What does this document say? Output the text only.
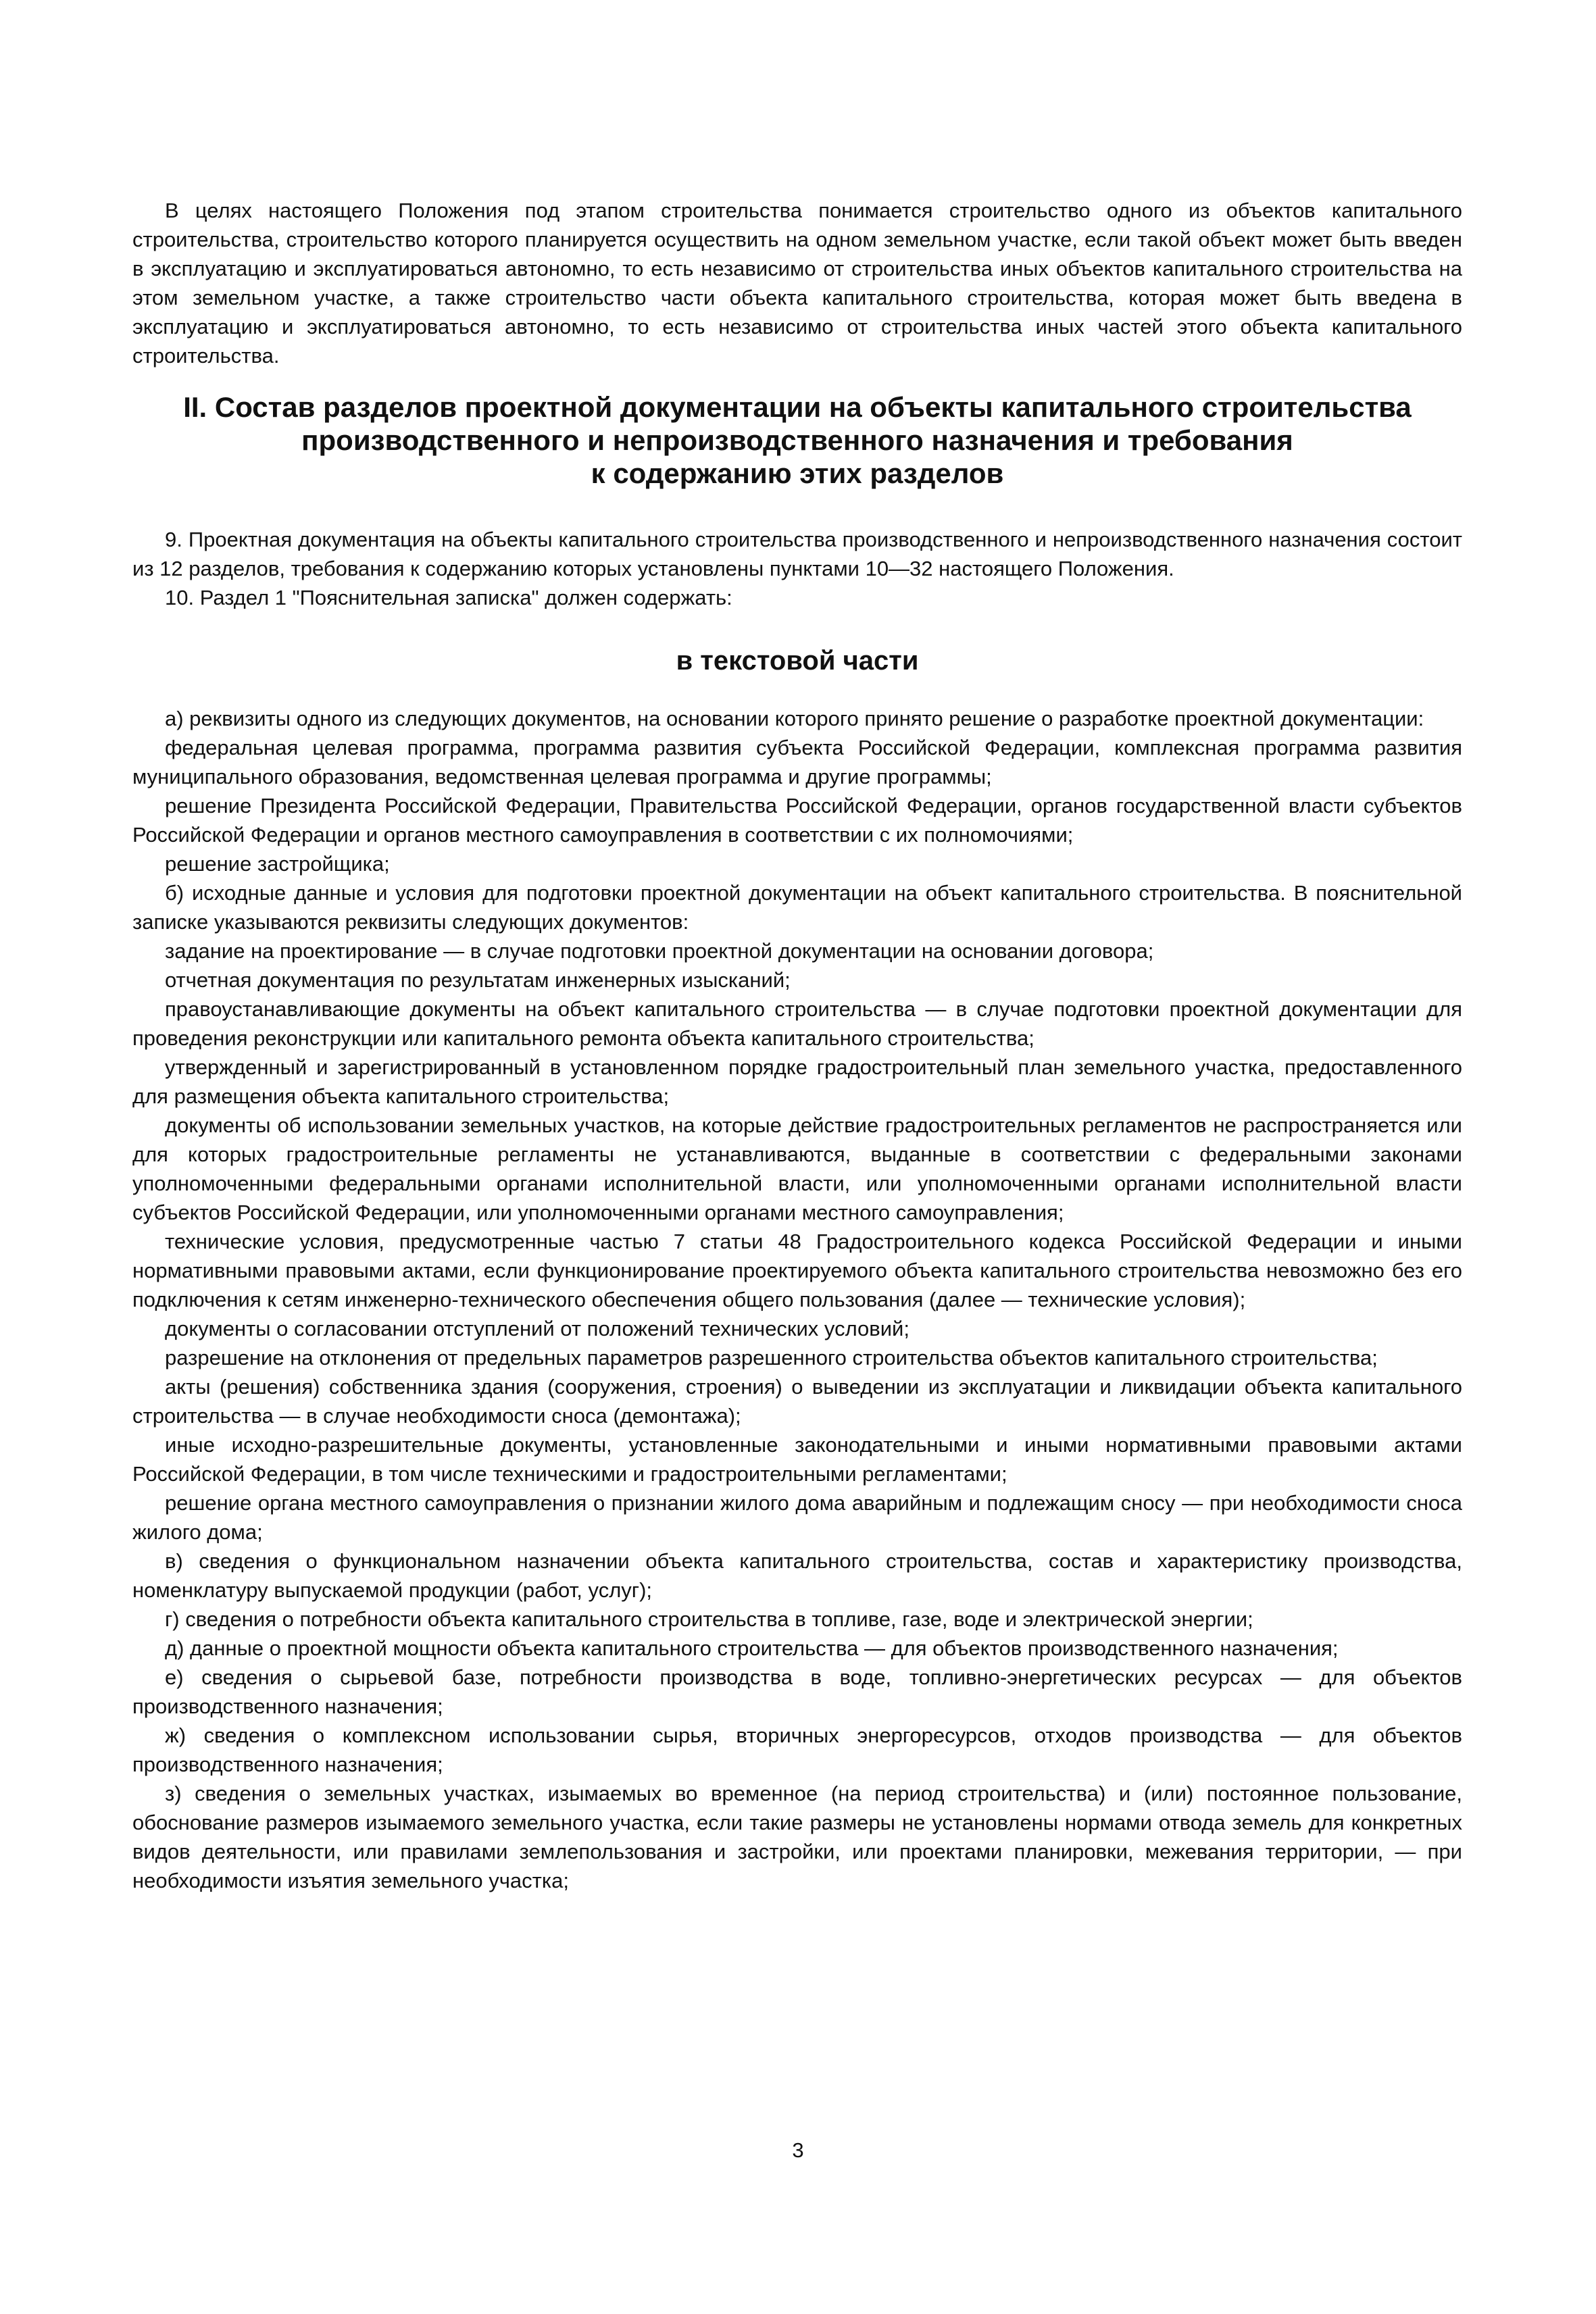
В целях настоящего Положения под этапом строительства понимается строительство одного из объектов капитального строительства, строительство которого планируется осуществить на одном земельном участке, если такой объект может быть введен в эксплуатацию и эксплуатироваться автономно, то есть независимо от строительства иных объектов капитального строительства на этом земельном участке, а также строительство части объекта капитального строительства, которая может быть введена в эксплуатацию и эксплуатироваться автономно, то есть независимо от строительства иных частей этого объекта капитального строительства.

II. Состав разделов проектной документации на объекты капитального строительства
производственного и непроизводственного назначения и требования
к содержанию этих разделов

9. Проектная документация на объекты капитального строительства производственного и непроизводственного назначения состоит из 12 разделов, требования к содержанию которых установлены пунктами 10—32 настоящего Положения.

10. Раздел 1 "Пояснительная записка" должен содержать:

в текстовой части

а) реквизиты одного из следующих документов, на основании которого принято решение о разработке проектной документации:

федеральная целевая программа, программа развития субъекта Российской Федерации, комплексная программа развития муниципального образования, ведомственная целевая программа и другие программы;

решение Президента Российской Федерации, Правительства Российской Федерации, органов государственной власти субъектов Российской Федерации и органов местного самоуправления в соответствии с их полномочиями;

решение застройщика;

б) исходные данные и условия для подготовки проектной документации на объект капитального строительства. В пояснительной записке указываются реквизиты следующих документов:

задание на проектирование — в случае подготовки проектной документации на основании договора;

отчетная документация по результатам инженерных изысканий;

правоустанавливающие документы на объект капитального строительства — в случае подготовки проектной документации для проведения реконструкции или капитального ремонта объекта капитального строительства;

утвержденный и зарегистрированный в установленном порядке градостроительный план земельного участка, предоставленного для размещения объекта капитального строительства;

документы об использовании земельных участков, на которые действие градостроительных регламентов не распространяется или для которых градостроительные регламенты не устанавливаются, выданные в соответствии с федеральными законами уполномоченными федеральными органами исполнительной власти, или уполномоченными органами исполнительной власти субъектов Российской Федерации, или уполномоченными органами местного самоуправления;

технические условия, предусмотренные частью 7 статьи 48 Градостроительного кодекса Российской Федерации и иными нормативными правовыми актами, если функционирование проектируемого объекта капитального строительства невозможно без его подключения к сетям инженерно-технического обеспечения общего пользования (далее — технические условия);

документы о согласовании отступлений от положений технических условий;

разрешение на отклонения от предельных параметров разрешенного строительства объектов капитального строительства;

акты (решения) собственника здания (сооружения, строения) о выведении из эксплуатации и ликвидации объекта капитального строительства — в случае необходимости сноса (демонтажа);

иные исходно-разрешительные документы, установленные законодательными и иными нормативными правовыми актами Российской Федерации, в том числе техническими и градостроительными регламентами;

решение органа местного самоуправления о признании жилого дома аварийным и подлежащим сносу — при необходимости сноса жилого дома;

в) сведения о функциональном назначении объекта капитального строительства, состав и характеристику производства, номенклатуру выпускаемой продукции (работ, услуг);

г) сведения о потребности объекта капитального строительства в топливе, газе, воде и электрической энергии;

д) данные о проектной мощности объекта капитального строительства — для объектов производственного назначения;

е) сведения о сырьевой базе, потребности производства в воде, топливно-энергетических ресурсах — для объектов производственного назначения;

ж) сведения о комплексном использовании сырья, вторичных энергоресурсов, отходов производства — для объектов производственного назначения;

з) сведения о земельных участках, изымаемых во временное (на период строительства) и (или) постоянное пользование, обоснование размеров изымаемого земельного участка, если такие размеры не установлены нормами отвода земель для конкретных видов деятельности, или правилами землепользования и застройки, или проектами планировки, межевания территории, — при необходимости изъятия земельного участка;

3
